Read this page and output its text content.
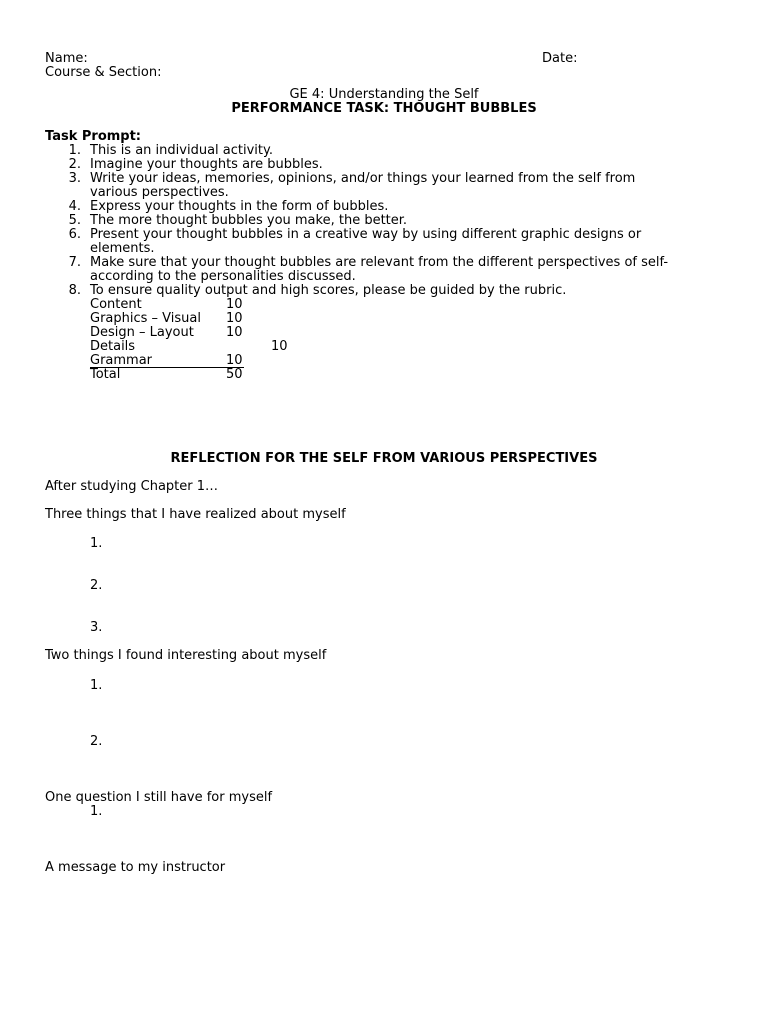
Name:	Date:
Course & Section:
GE 4: Understanding the Self
PERFORMANCE TASK: THOUGHT BUBBLES
Task Prompt:
1. This is an individual activity.
2. Imagine your thoughts are bubbles.
3. Write your ideas, memories, opinions, and/or things your learned from the self from
various perspectives.
4. Express your thoughts in the form of bubbles.
5. The more thought bubbles you make, the better.
6. Present your thought bubbles in a creative way by using different graphic designs or
elements.
7. Make sure that your thought bubbles are relevant from the different perspectives of self-
according to the personalities discussed.
8. To ensure quality output and high scores, please be guided by the rubric.
Content	10
Graphics – Visual 10
Design – Layout 10
Details	10
Grammar	10
Total	50
REFLECTION FOR THE SELF FROM VARIOUS PERSPECTIVES
After studying Chapter 1…
Three things that I have realized about myself
1.
2.
3.
Two things I found interesting about myself
1.
2.
One question I still have for myself
1.
A message to my instructor
